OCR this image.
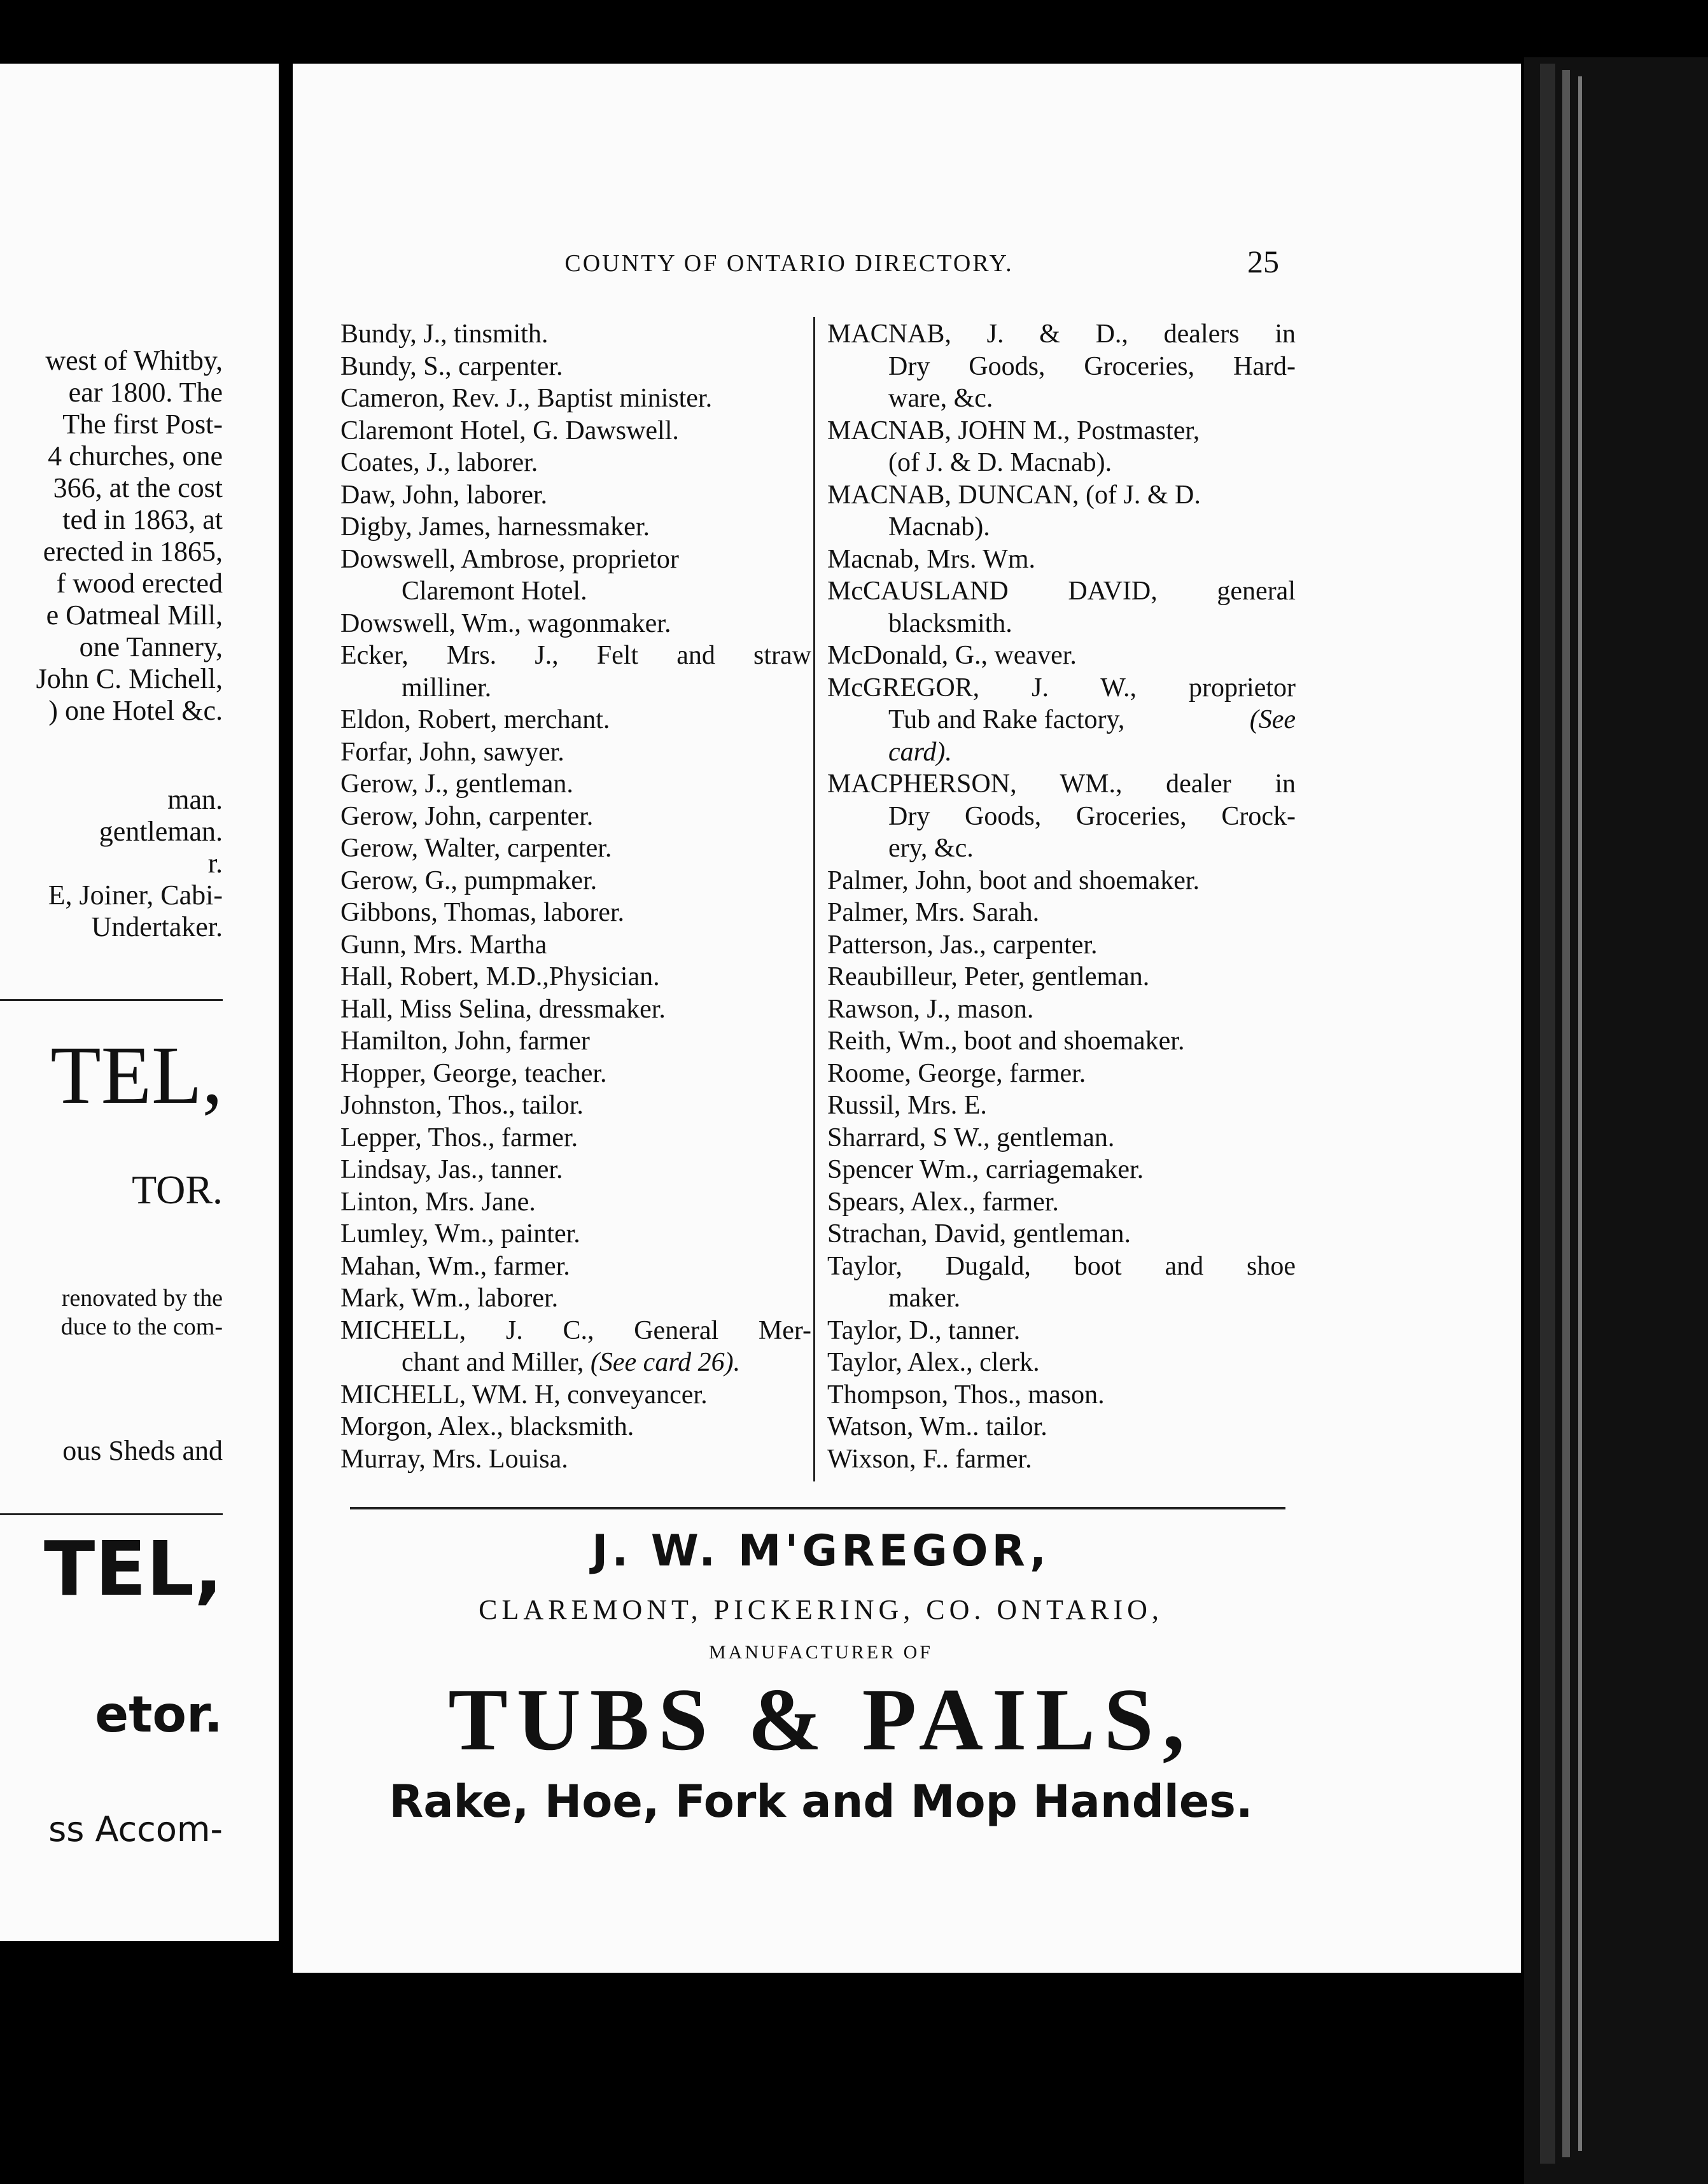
west of Whitby,
ear 1800. The
The first Post-
4 churches, one
366, at the cost
ted in 1863, at
erected in 1865,
f wood erected
e Oatmeal Mill,
one Tannery,
John C. Michell,
) one Hotel &c.
man.
gentleman.
r.
E, Joiner, Cabi-
Undertaker.
TEL,
TOR.
renovated by the
duce to the com-
ous Sheds and
TEL,
etor.
ss Accom-
COUNTY OF ONTARIO DIRECTORY.	25
Bundy, J., tinsmith.
Bundy, S., carpenter.
Cameron, Rev. J., Baptist minister.
Claremont Hotel, G. Dawswell.
Coates, J., laborer.
Daw, John, laborer.
Digby, James, harnessmaker.
Dowswell, Ambrose, proprietor
Claremont Hotel.
Dowswell, Wm., wagonmaker.
Ecker, Mrs. J., Felt and straw
milliner.
Eldon, Robert, merchant.
Forfar, John, sawyer.
Gerow, J., gentleman.
Gerow, John, carpenter.
Gerow, Walter, carpenter.
Gerow, G., pumpmaker.
Gibbons, Thomas, laborer.
Gunn, Mrs. Martha
Hall, Robert, M.D.,Physician.
Hall, Miss Selina, dressmaker.
Hamilton, John, farmer
Hopper, George, teacher.
Johnston, Thos., tailor.
Lepper, Thos., farmer.
Lindsay, Jas., tanner.
Linton, Mrs. Jane.
Lumley, Wm., painter.
Mahan, Wm., farmer.
Mark, Wm., laborer.
MICHELL, J. C., General Mer-
chant and Miller, (See card 26).
MICHELL, WM. H, conveyancer.
Morgon, Alex., blacksmith.
Murray, Mrs. Louisa.
MACNAB, J. & D., dealers in
Dry Goods, Groceries, Hard-
ware, &c.
MACNAB, JOHN M., Postmaster,
(of J. & D. Macnab).
MACNAB, DUNCAN, (of J. & D.
Macnab).
Macnab, Mrs. Wm.
McCAUSLAND DAVID, general
blacksmith.
McDonald, G., weaver.
McGREGOR, J. W., proprietor
Tub and Rake factory,	(See
card).
MACPHERSON, WM., dealer in
Dry Goods, Groceries, Crock-
ery, &c.
Palmer, John, boot and shoemaker.
Palmer, Mrs. Sarah.
Patterson, Jas., carpenter.
Reaubilleur, Peter, gentleman.
Rawson, J., mason.
Reith, Wm., boot and shoemaker.
Roome, George, farmer.
Russil, Mrs. E.
Sharrard, S W., gentleman.
Spencer Wm., carriagemaker.
Spears, Alex., farmer.
Strachan, David, gentleman.
Taylor, Dugald, boot and shoe
maker.
Taylor, D., tanner.
Taylor, Alex., clerk.
Thompson, Thos., mason.
Watson, Wm.. tailor.
Wixson, F.. farmer.
J. W. M'GREGOR,
CLAREMONT, PICKERING, CO. ONTARIO,
MANUFACTURER OF
TUBS & PAILS,
Rake, Hoe, Fork and Mop Handles.
